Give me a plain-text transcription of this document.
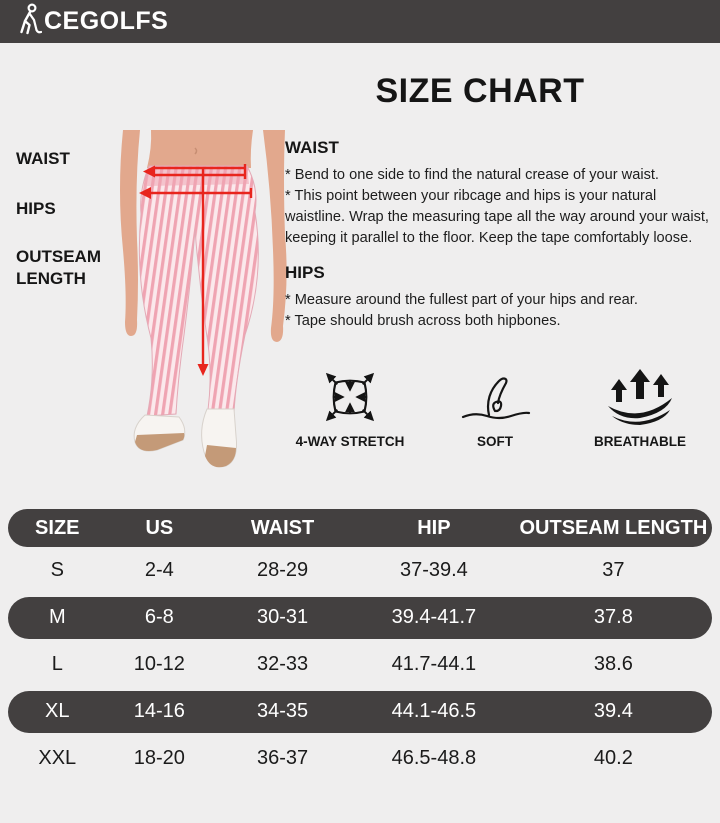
CEGOLFS
SIZE CHART
WAIST
HIPS
OUTSEAM LENGTH

WAIST

* Bend to one side to find the natural crease of your waist.

* This point between your ribcage and hips is your natural waistline. Wrap the measuring tape all the way around your waist, keeping it parallel to the floor. Keep the tape comfortably loose.

HIPS

* Measure around the fullest part of your hips and rear.

* Tape should brush across both hipbones.

4-WAY STRETCH	SOFT	BREATHABLE
SIZE	US	WAIST	HIP	OUTSEAM LENGTH
S	2-4	28-29	37-39.4	37
M	6-8	30-31	39.4-41.7	37.8
L	10-12	32-33	41.7-44.1	38.6
XL	14-16	34-35	44.1-46.5	39.4
XXL	18-20	36-37	46.5-48.8	40.2
